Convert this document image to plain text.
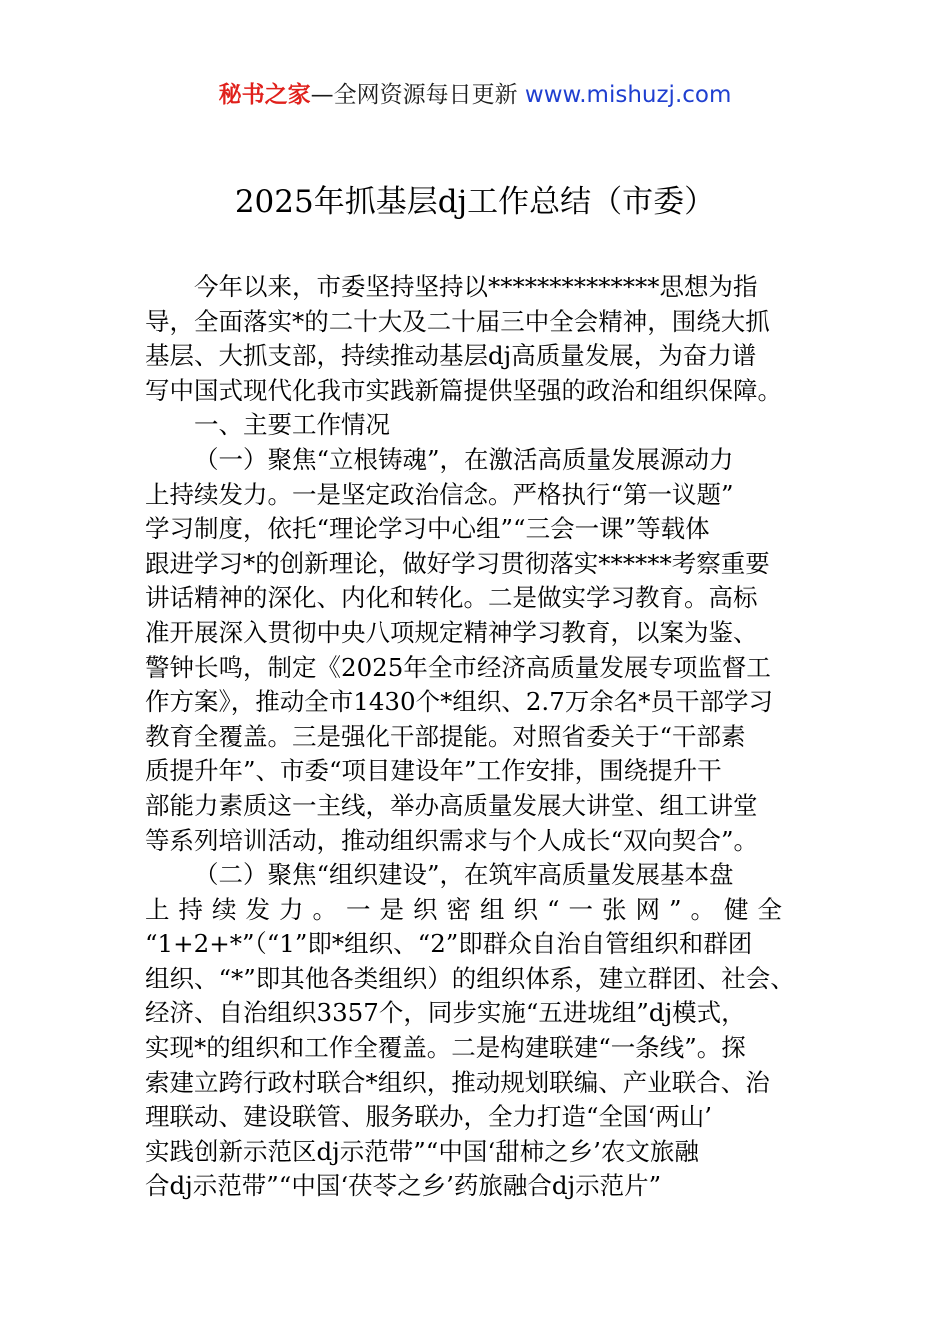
秘书之家—全网资源每日更新 www.mishuzj.com
2025年抓基层dj工作总结（市委）
今年以来，市委坚持坚持以**************思想为指
导，全面落实*的二十大及二十届三中全会精神，围绕大抓
基层、大抓支部，持续推动基层dj高质量发展，为奋力谱
写中国式现代化我市实践新篇提供坚强的政治和组织保障。
一、主要工作情况
（一）聚焦“立根铸魂”，在激活高质量发展源动力
上持续发力。一是坚定政治信念。严格执行“第一议题”
学习制度，依托“理论学习中心组”“三会一课”等载体
跟进学习*的创新理论，做好学习贯彻落实******考察重要
讲话精神的深化、内化和转化。二是做实学习教育。高标
准开展深入贯彻中央八项规定精神学习教育，以案为鉴、
警钟长鸣，制定《2025年全市经济高质量发展专项监督工
作方案》，推动全市1430个*组织、2.7万余名*员干部学习
教育全覆盖。三是强化干部提能。对照省委关于“干部素
质提升年”、市委“项目建设年”工作安排，围绕提升干
部能力素质这一主线，举办高质量发展大讲堂、组工讲堂
等系列培训活动，推动组织需求与个人成长“双向契合”。
（二）聚焦“组织建设”，在筑牢高质量发展基本盘
上持续发力。一是织密组织“一张网”。健全
“1+2+*”（“1”即*组织、“2”即群众自治自管组织和群团
组织、“*”即其他各类组织）的组织体系，建立群团、社会、
经济、自治组织3357个，同步实施“五进垅组”dj模式，
实现*的组织和工作全覆盖。二是构建联建“一条线”。探
索建立跨行政村联合*组织，推动规划联编、产业联合、治
理联动、建设联管、服务联办，全力打造“全国‘两山’
实践创新示范区dj示范带”“中国‘甜柿之乡’农文旅融
合dj示范带”“中国‘茯苓之乡’药旅融合dj示范片”
